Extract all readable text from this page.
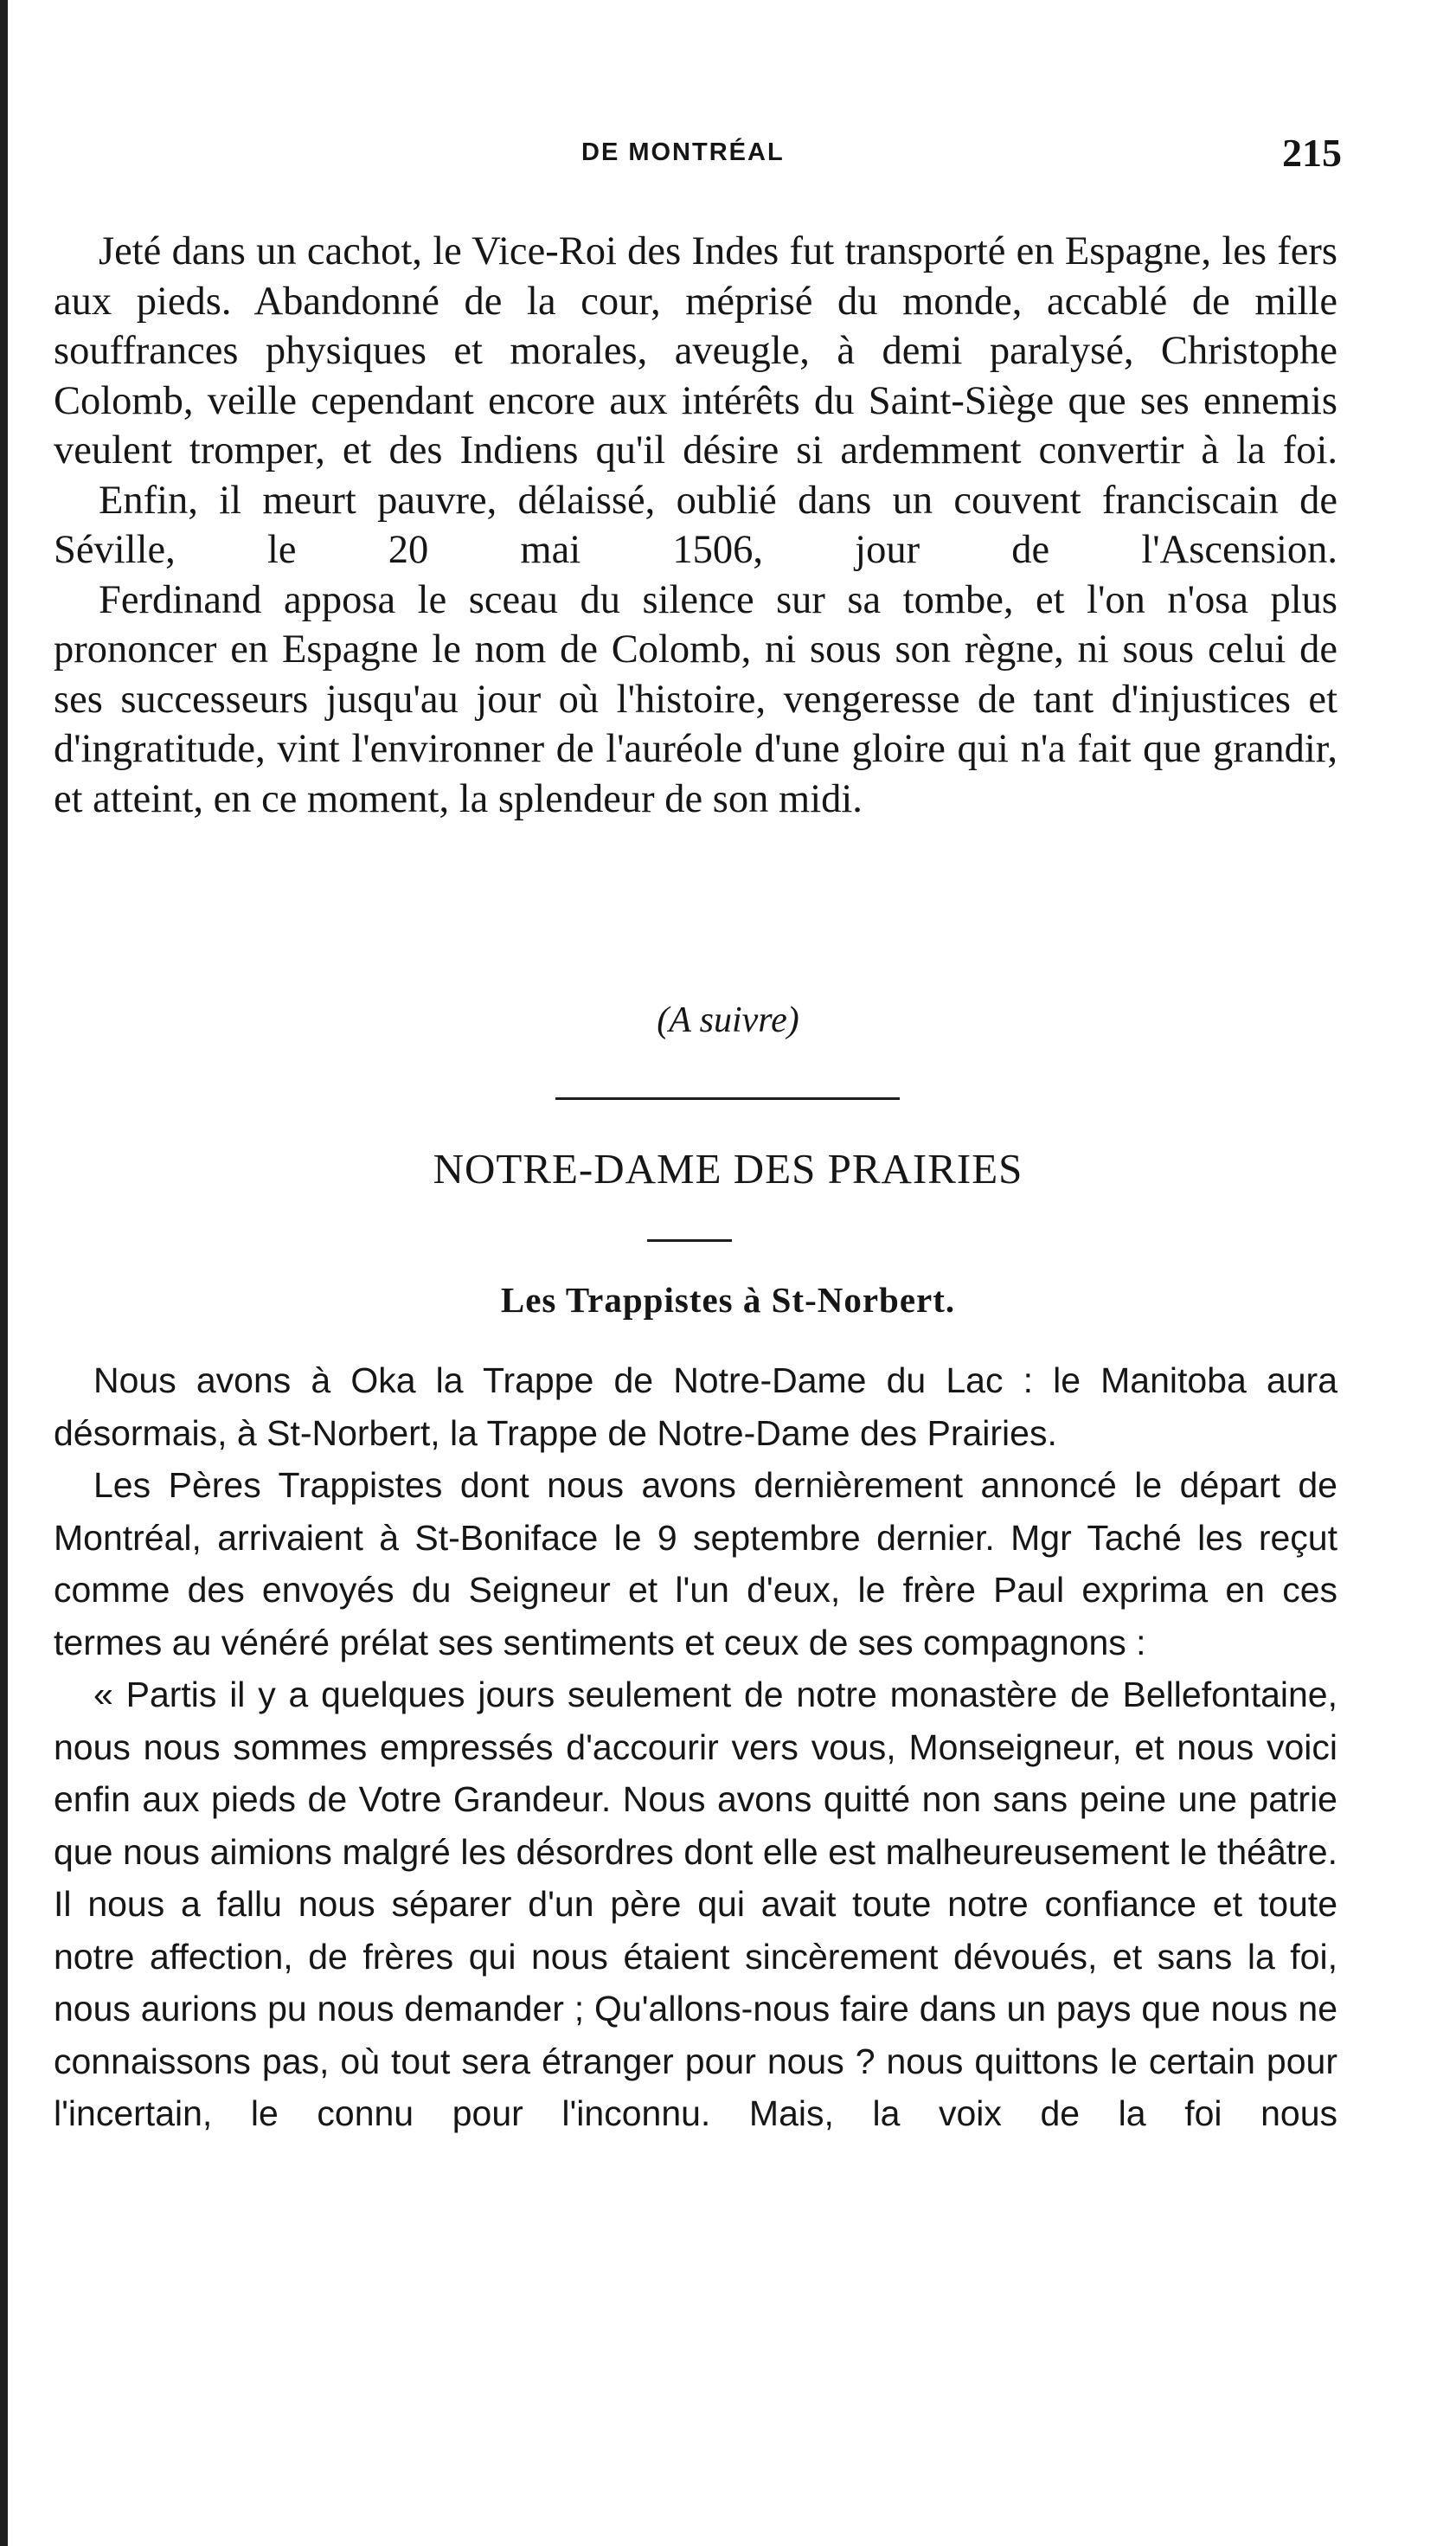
DE MONTRÉAL	215

Jeté dans un cachot, le Vice-Roi des Indes fut transporté en Espagne, les fers aux pieds. Abandonné de la cour, méprisé du monde, accablé de mille souffrances physiques et morales, aveugle, à demi paralysé, Christophe Colomb, veille cependant encore aux intérêts du Saint-Siège que ses ennemis veulent tromper, et des Indiens qu'il désire si ardemment convertir à la foi.

Enfin, il meurt pauvre, délaissé, oublié dans un couvent franciscain de Séville, le 20 mai 1506, jour de l'Ascension.

Ferdinand apposa le sceau du silence sur sa tombe, et l'on n'osa plus prononcer en Espagne le nom de Colomb, ni sous son règne, ni sous celui de ses successeurs jusqu'au jour où l'histoire, vengeresse de tant d'injustices et d'ingratitude, vint l'environner de l'auréole d'une gloire qui n'a fait que grandir, et atteint, en ce moment, la splendeur de son midi.

(A suivre)
NOTRE-DAME DES PRAIRIES
Les Trappistes à St-Norbert.

Nous avons à Oka la Trappe de Notre-Dame du Lac : le Manitoba aura désormais, à St-Norbert, la Trappe de Notre-Dame des Prairies.

Les Pères Trappistes dont nous avons dernièrement annoncé le départ de Montréal, arrivaient à St-Boniface le 9 septembre dernier. Mgr Taché les reçut comme des envoyés du Seigneur et l'un d'eux, le frère Paul exprima en ces termes au vénéré prélat ses sentiments et ceux de ses compagnons :

« Partis il y a quelques jours seulement de notre monastère de Bellefontaine, nous nous sommes empressés d'accourir vers vous, Monseigneur, et nous voici enfin aux pieds de Votre Grandeur. Nous avons quitté non sans peine une patrie que nous aimions malgré les désordres dont elle est malheureusement le théâtre. Il nous a fallu nous séparer d'un père qui avait toute notre confiance et toute notre affection, de frères qui nous étaient sincèrement dévoués, et sans la foi, nous aurions pu nous demander ; Qu'allons-nous faire dans un pays que nous ne connaissons pas, où tout sera étranger pour nous ? nous quittons le certain pour l'incertain, le connu pour l'inconnu. Mais, la voix de la foi nous
